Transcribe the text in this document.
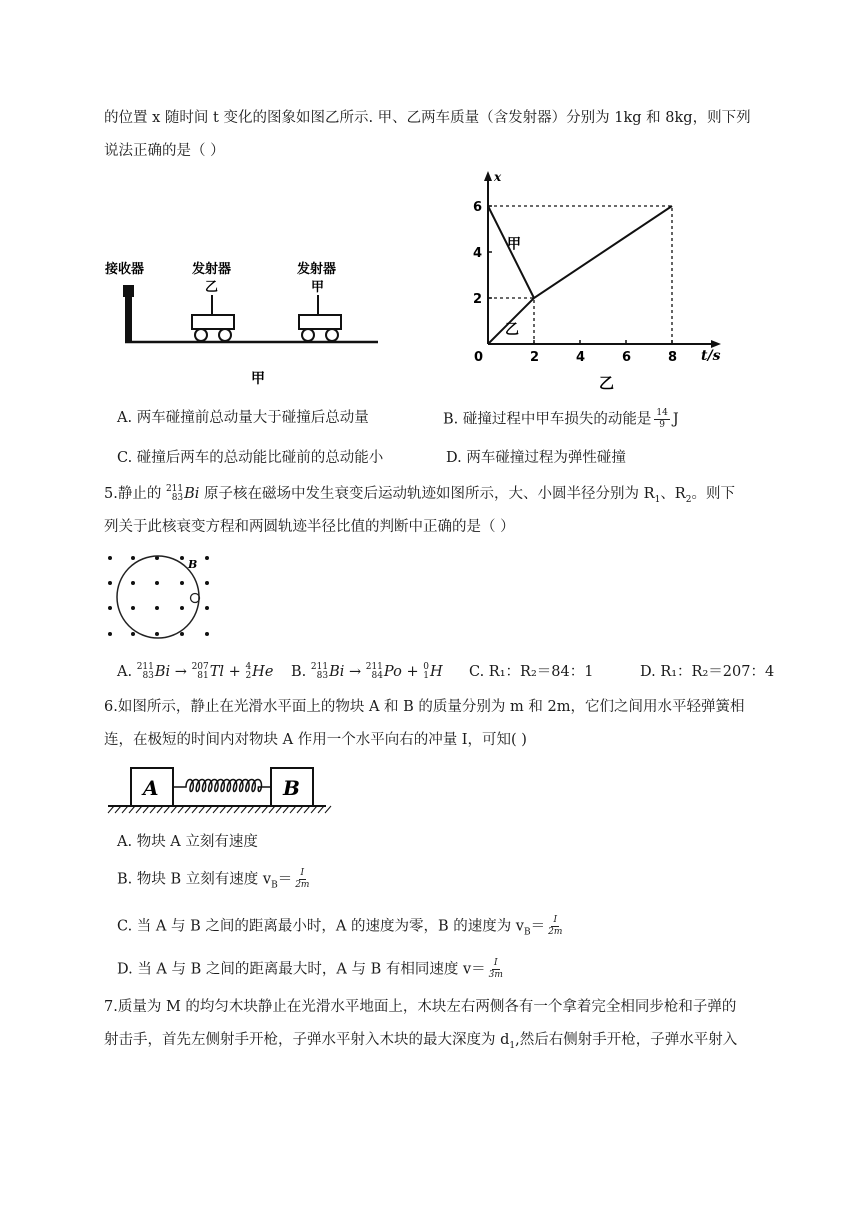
的位置 x 随时间 t 变化的图象如图乙所示. 甲、乙两车质量（含发射器）分别为 1kg 和 8kg，则下列
说法正确的是（ ）
接收器	发射器
乙
发射器
甲
甲
t/s
x
0	2	4	6	8
2
4
6
甲
乙
乙
A. 两车碰撞前总动量大于碰撞后总动量	B. 碰撞过程中甲车损失的动能是 $\frac{14}{9}$ J
C. 碰撞后两车的总动能比碰前的总动能小	D. 两车碰撞过程为弹性碰撞
5.静止的 211
83 Bi 原子核在磁场中发生衰变后运动轨迹如图所示，大、小圆半径分别为 $R_1$、$R_2$。则下
列关于此核衰变方程和两圆轨迹半径比值的判断中正确的是（ ）
B
A. 211
83 Bi → 207
81 Tl + 4
2 He B. 211
83 Bi → 211
84 Po + 0
1 H C. R₁：R₂＝84：1	D. R₁：R₂＝207：4
6.如图所示，静止在光滑水平面上的物块 A 和 B 的质量分别为 m 和 2m，它们之间用水平轻弹簧相
连，在极短的时间内对物块 A 作用一个水平向右的冲量 I，可知( )
A	B
A. 物块 A 立刻有速度
B. 物块 B 立刻有速度 $v_B= \frac{I}{2m}$
C. 当 A 与 B 之间的距离最小时，A 的速度为零，B 的速度为 $v_B= \frac{I}{2m}$
D. 当 A 与 B 之间的距离最大时，A 与 B 有相同速度 $v= \frac{I}{3m}$
7.质量为 M 的均匀木块静止在光滑水平地面上，木块左右两侧各有一个拿着完全相同步枪和子弹的
射击手，首先左侧射手开枪，子弹水平射入木块的最大深度为 $d_1$,然后右侧射手开枪，子弹水平射入
